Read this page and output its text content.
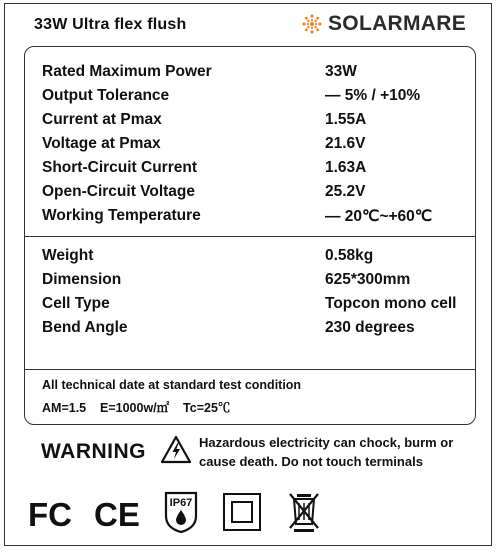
33W Ultra flex flush	SOLARMARE
Rated Maximum Power	33W
Output Tolerance	— 5% / +10%
Current at Pmax	1.55A
Voltage at Pmax	21.6V
Short-Circuit Current	1.63A
Open-Circuit Voltage	25.2V
Working Temperature	— 20℃~+60℃
Weight	0.58kg
Dimension	625*300mm
Cell Type	Topcon mono cell
Bend Angle	230 degrees
All technical date at standard test condition
AM=1.5    E=1000w/㎡    Tc=25℃
WARNING	Hazardous electricity can chock, burm or
cause death. Do not touch terminals
FC CE	IP67
